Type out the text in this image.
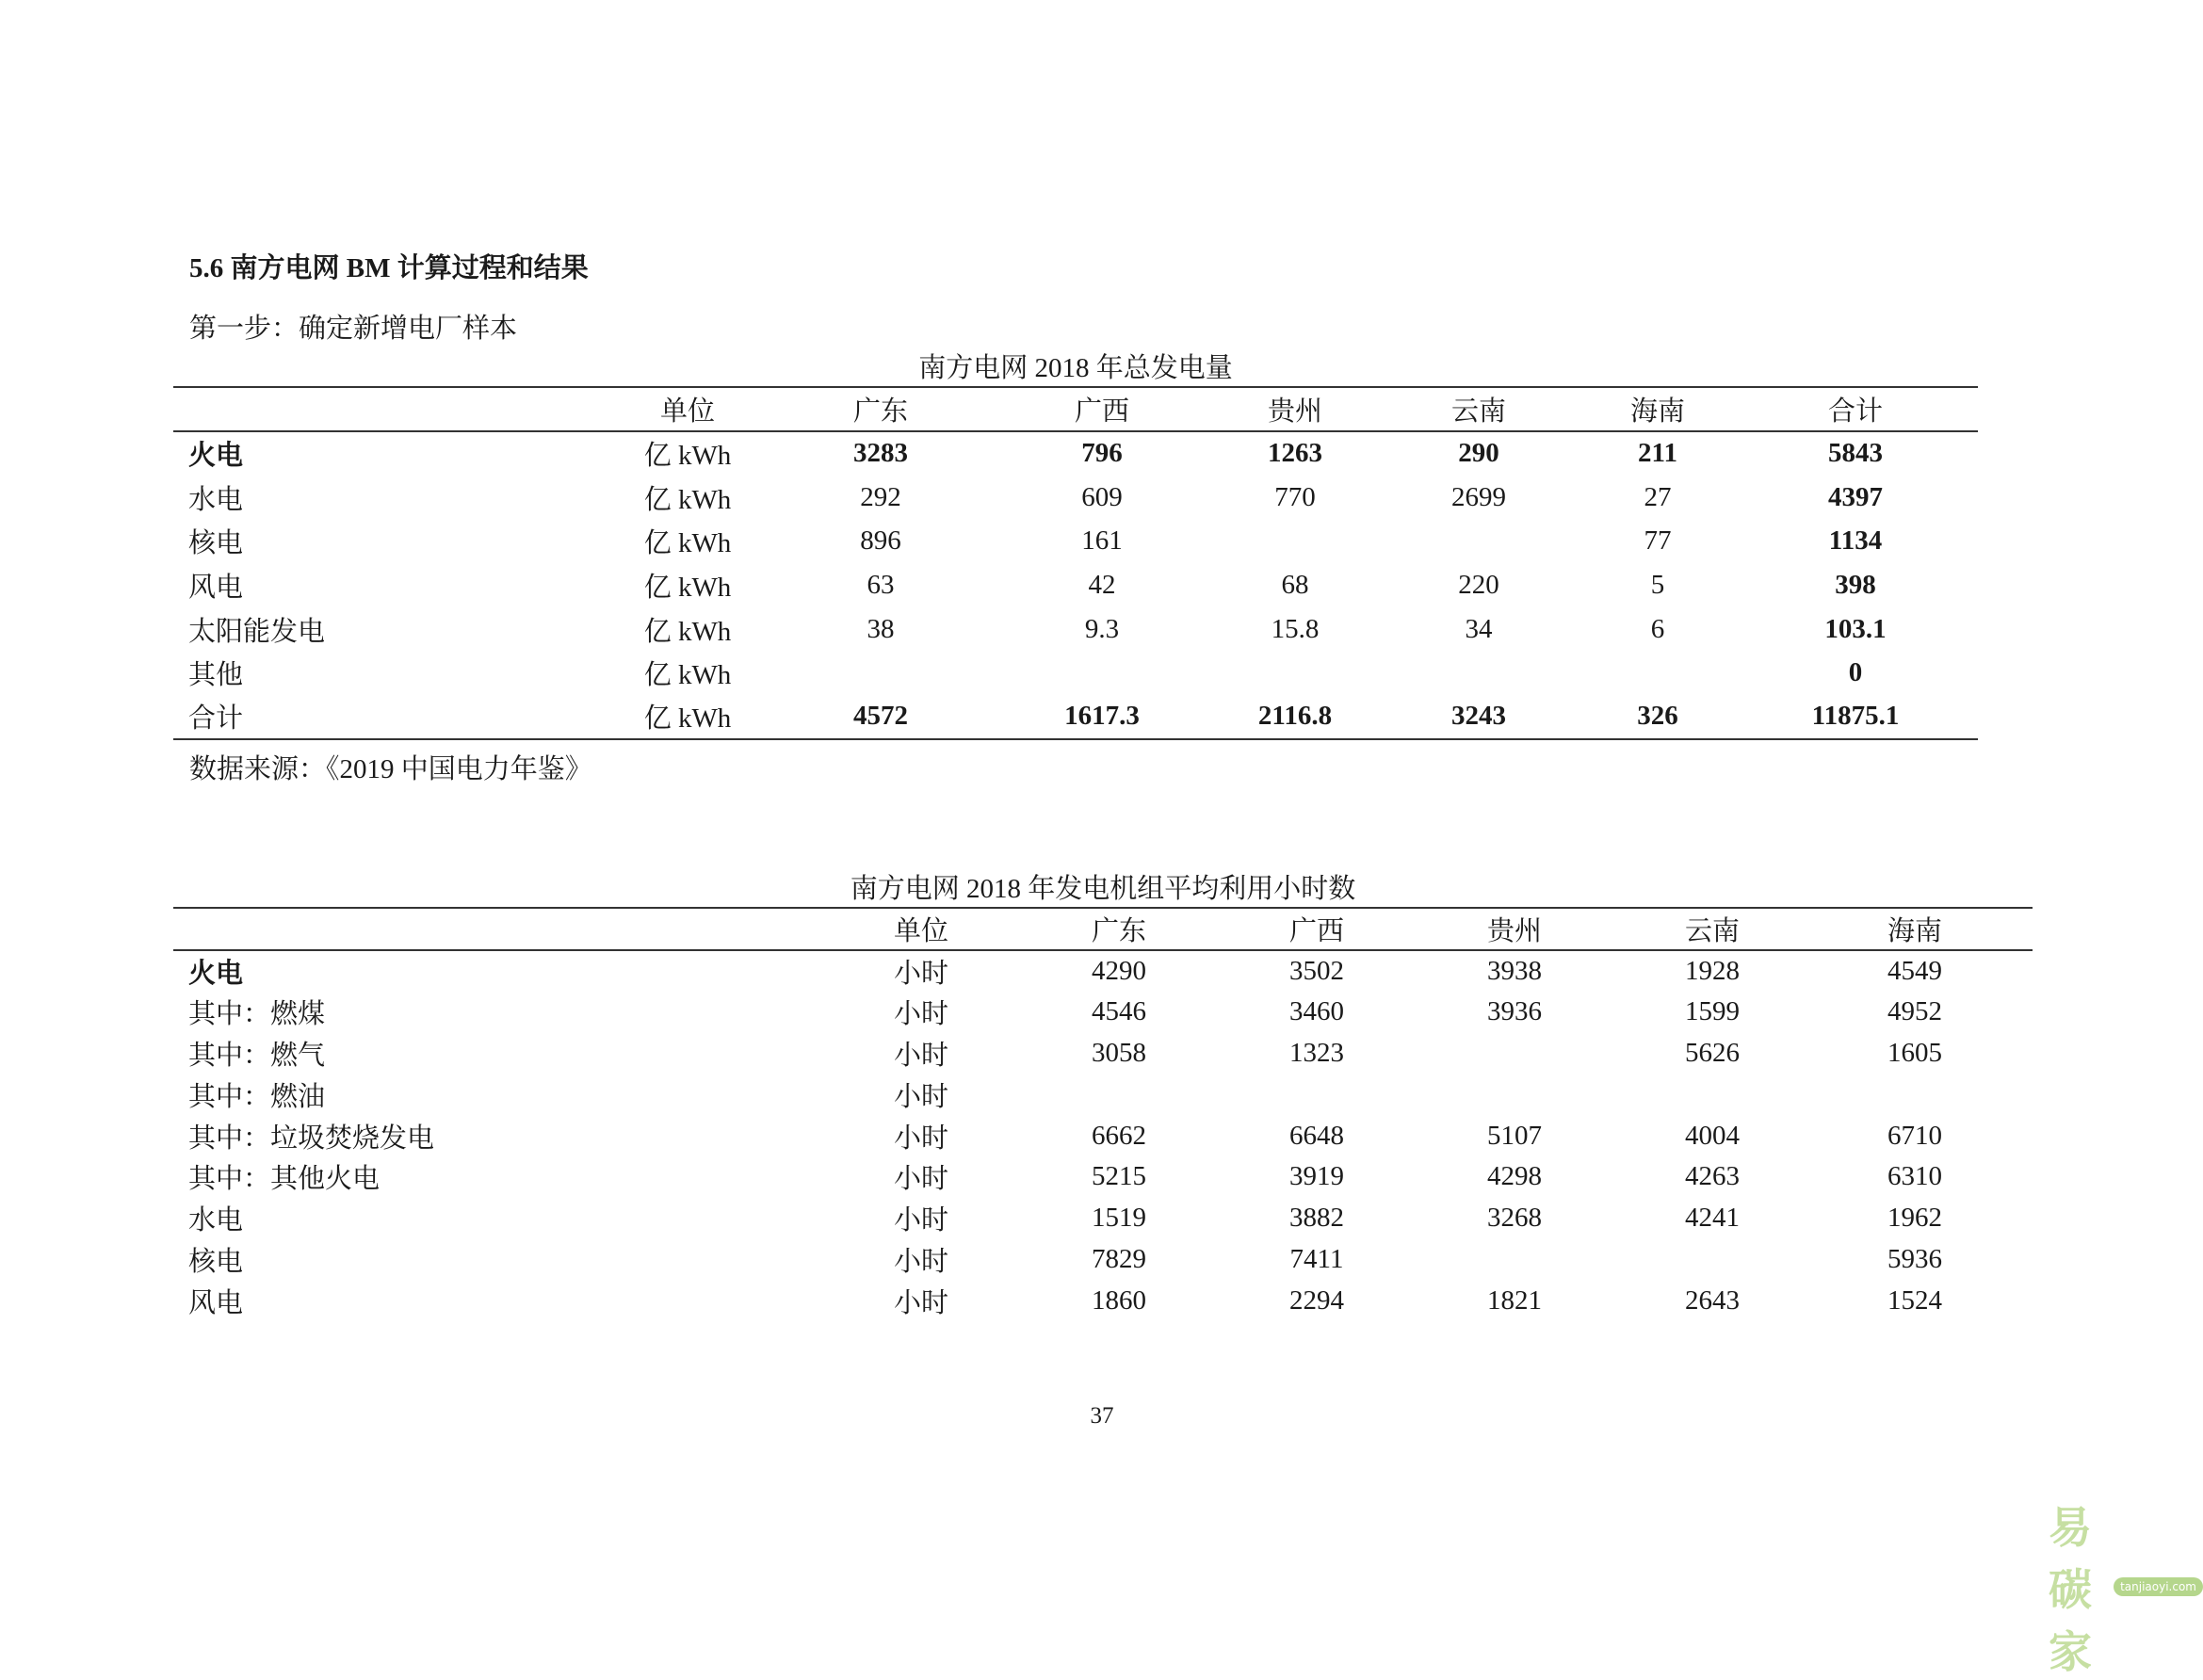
5.6 南方电网 BM 计算过程和结果
第一步：确定新增电厂样本
南方电网 2018 年总发电量
	单位	广东	广西	贵州	云南	海南	合计
火电	亿 kWh	3283	796	1263	290	211	5843
水电	亿 kWh	292	609	770	2699	27	4397
核电	亿 kWh	896	161			77	1134
风电	亿 kWh	63	42	68	220	5	398
太阳能发电	亿 kWh	38	9.3	15.8	34	6	103.1
其他	亿 kWh						0
合计	亿 kWh	4572	1617.3	2116.8	3243	326	11875.1
数据来源：《2019 中国电力年鉴》
南方电网 2018 年发电机组平均利用小时数
	单位	广东	广西	贵州	云南	海南
火电	小时	4290	3502	3938	1928	4549
其中：燃煤	小时	4546	3460	3936	1599	4952
其中：燃气	小时	3058	1323		5626	1605
其中：燃油	小时					
其中：垃圾焚烧发电	小时	6662	6648	5107	4004	6710
其中：其他火电	小时	5215	3919	4298	4263	6310
水电	小时	1519	3882	3268	4241	1962
核电	小时	7829	7411			5936
风电	小时	1860	2294	1821	2643	1524
37
易碳家
tanjiaoyi.com
